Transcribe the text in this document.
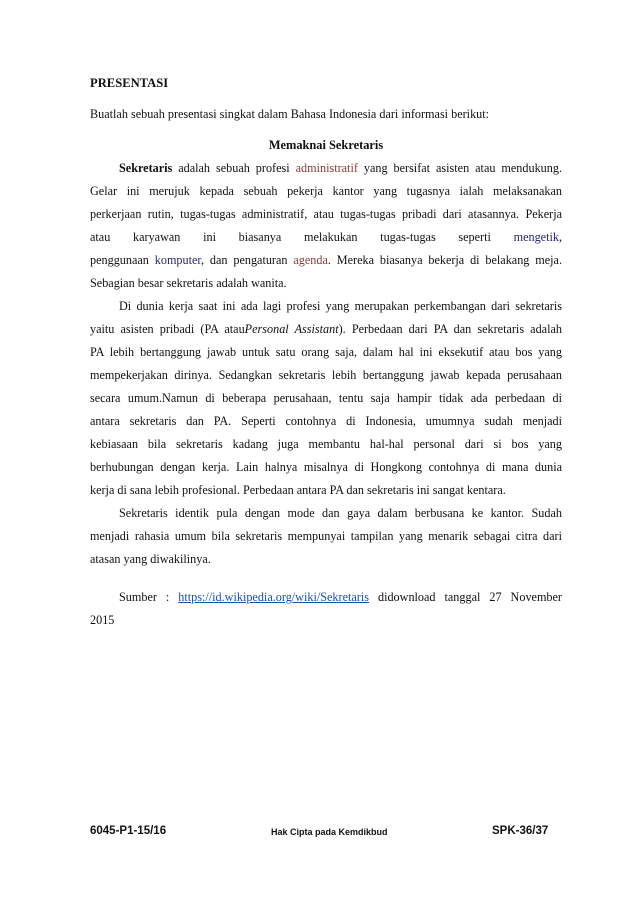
PRESENTASI
Buatlah sebuah presentasi singkat dalam Bahasa Indonesia dari informasi berikut:
Memaknai Sekretaris
Sekretaris adalah sebuah profesi administratif yang bersifat asisten atau mendukung.
Gelar ini merujuk kepada sebuah pekerja kantor yang tugasnya ialah melaksanakan
perkerjaan rutin, tugas-tugas administratif, atau tugas-tugas pribadi dari atasannya. Pekerja
atau karyawan ini biasanya melakukan tugas-tugas seperti mengetik,
penggunaan komputer, dan pengaturan agenda. Mereka biasanya bekerja di belakang meja.
Sebagian besar sekretaris adalah wanita.
Di dunia kerja saat ini ada lagi profesi yang merupakan perkembangan dari sekretaris
yaitu asisten pribadi (PA atauPersonal Assistant). Perbedaan dari PA dan sekretaris adalah
PA lebih bertanggung jawab untuk satu orang saja, dalam hal ini eksekutif atau bos yang
mempekerjakan dirinya. Sedangkan sekretaris lebih bertanggung jawab kepada perusahaan
secara umum.Namun di beberapa perusahaan, tentu saja hampir tidak ada perbedaan di
antara sekretaris dan PA. Seperti contohnya di Indonesia, umumnya sudah menjadi
kebiasaan bila sekretaris kadang juga membantu hal-hal personal dari si bos yang
berhubungan dengan kerja. Lain halnya misalnya di Hongkong contohnya di mana dunia
kerja di sana lebih profesional. Perbedaan antara PA dan sekretaris ini sangat kentara.
Sekretaris identik pula dengan mode dan gaya dalam berbusana ke kantor. Sudah
menjadi rahasia umum bila sekretaris mempunyai tampilan yang menarik sebagai citra dari
atasan yang diwakilinya.
Sumber : https://id.wikipedia.org/wiki/Sekretaris didownload tanggal 27 November
2015
6045-P1-15/16	Hak Cipta pada Kemdikbud	SPK-36/37
